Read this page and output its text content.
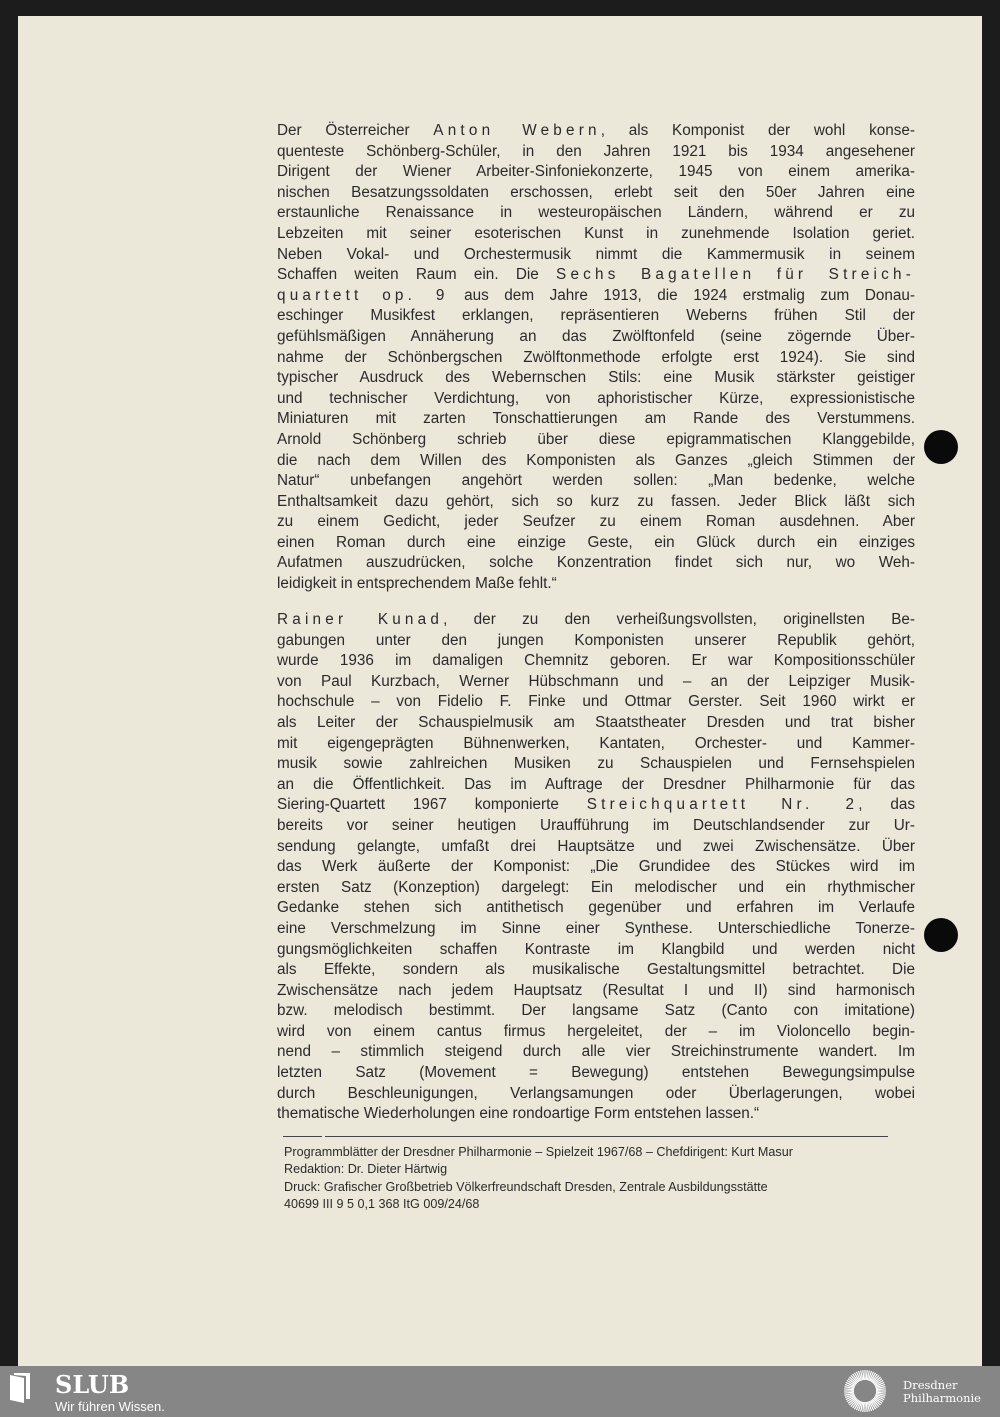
Der Österreicher Anton Webern, als Komponist der wohl konse-
quenteste Schönberg-Schüler, in den Jahren 1921 bis 1934 angesehener
Dirigent der Wiener Arbeiter-Sinfoniekonzerte, 1945 von einem amerika-
nischen Besatzungssoldaten erschossen, erlebt seit den 50er Jahren eine
erstaunliche Renaissance in westeuropäischen Ländern, während er zu
Lebzeiten mit seiner esoterischen Kunst in zunehmende Isolation geriet.
Neben Vokal- und Orchestermusik nimmt die Kammermusik in seinem
Schaffen weiten Raum ein. Die Sechs Bagatellen für Streich-
quartett op. 9 aus dem Jahre 1913, die 1924 erstmalig zum Donau-
eschinger Musikfest erklangen, repräsentieren Weberns frühen Stil der
gefühlsmäßigen Annäherung an das Zwölftonfeld (seine zögernde Über-
nahme der Schönbergschen Zwölftonmethode erfolgte erst 1924). Sie sind
typischer Ausdruck des Webernschen Stils: eine Musik stärkster geistiger
und technischer Verdichtung, von aphoristischer Kürze, expressionistische
Miniaturen mit zarten Tonschattierungen am Rande des Verstummens.
Arnold Schönberg schrieb über diese epigrammatischen Klanggebilde,
die nach dem Willen des Komponisten als Ganzes „gleich Stimmen der
Natur“ unbefangen angehört werden sollen: „Man bedenke, welche
Enthaltsamkeit dazu gehört, sich so kurz zu fassen. Jeder Blick läßt sich
zu einem Gedicht, jeder Seufzer zu einem Roman ausdehnen. Aber
einen Roman durch eine einzige Geste, ein Glück durch ein einziges
Aufatmen auszudrücken, solche Konzentration findet sich nur, wo Weh-
leidigkeit in entsprechendem Maße fehlt.“
Rainer Kunad, der zu den verheißungsvollsten, originellsten Be-
gabungen unter den jungen Komponisten unserer Republik gehört,
wurde 1936 im damaligen Chemnitz geboren. Er war Kompositionsschüler
von Paul Kurzbach, Werner Hübschmann und – an der Leipziger Musik-
hochschule – von Fidelio F. Finke und Ottmar Gerster. Seit 1960 wirkt er
als Leiter der Schauspielmusik am Staatstheater Dresden und trat bisher
mit eigengeprägten Bühnenwerken, Kantaten, Orchester- und Kammer-
musik sowie zahlreichen Musiken zu Schauspielen und Fernsehspielen
an die Öffentlichkeit. Das im Auftrage der Dresdner Philharmonie für das
Siering-Quartett 1967 komponierte Streichquartett Nr. 2, das
bereits vor seiner heutigen Uraufführung im Deutschlandsender zur Ur-
sendung gelangte, umfaßt drei Hauptsätze und zwei Zwischensätze. Über
das Werk äußerte der Komponist: „Die Grundidee des Stückes wird im
ersten Satz (Konzeption) dargelegt: Ein melodischer und ein rhythmischer
Gedanke stehen sich antithetisch gegenüber und erfahren im Verlaufe
eine Verschmelzung im Sinne einer Synthese. Unterschiedliche Tonerze-
gungsmöglichkeiten schaffen Kontraste im Klangbild und werden nicht
als Effekte, sondern als musikalische Gestaltungsmittel betrachtet. Die
Zwischensätze nach jedem Hauptsatz (Resultat I und II) sind harmonisch
bzw. melodisch bestimmt. Der langsame Satz (Canto con imitatione)
wird von einem cantus firmus hergeleitet, der – im Violoncello begin-
nend – stimmlich steigend durch alle vier Streichinstrumente wandert. Im
letzten Satz (Movement = Bewegung) entstehen Bewegungsimpulse
durch Beschleunigungen, Verlangsamungen oder Überlagerungen, wobei
thematische Wiederholungen eine rondoartige Form entstehen lassen.“
Programmblätter der Dresdner Philharmonie – Spielzeit 1967/68 – Chefdirigent: Kurt Masur
Redaktion: Dr. Dieter Härtwig
Druck: Grafischer Großbetrieb Völkerfreundschaft Dresden, Zentrale Ausbildungsstätte
40699 III 9 5 0,1 368 ItG 009/24/68
SLUB
Wir führen Wissen.
Dresdner
Philharmonie
